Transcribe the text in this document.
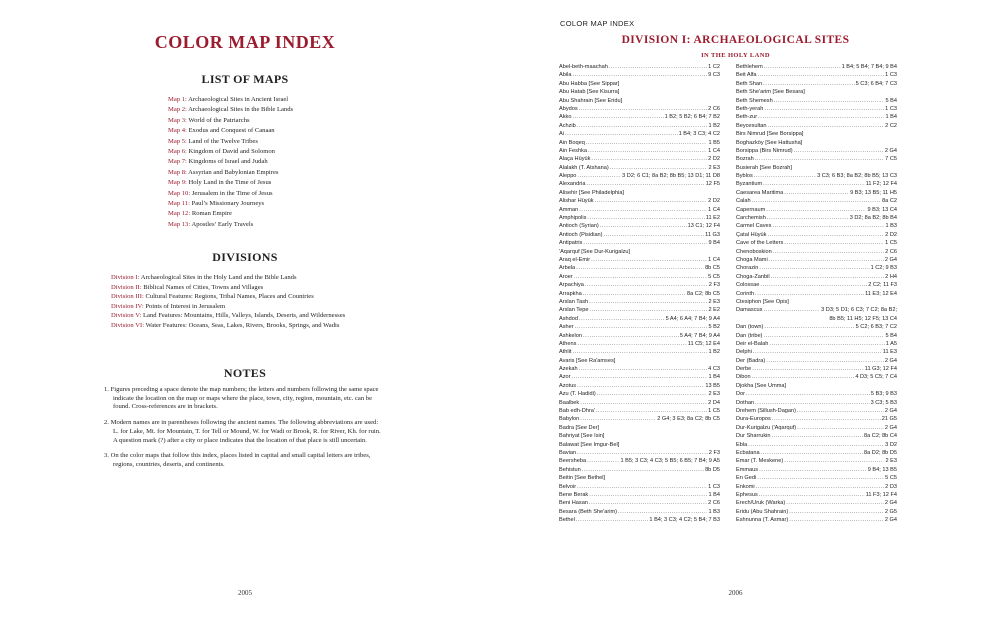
COLOR MAP INDEX
LIST OF MAPS
Map 1: Archaeological Sites in Ancient Israel
Map 2: Archaeological Sites in the Bible Lands
Map 3: World of the Patriarchs
Map 4: Exodus and Conquest of Canaan
Map 5: Land of the Twelve Tribes
Map 6: Kingdom of David and Solomon
Map 7: Kingdoms of Israel and Judah
Map 8: Assyrian and Babylonian Empires
Map 9: Holy Land in the Time of Jesus
Map 10: Jerusalem in the Time of Jesus
Map 11: Paul’s Missionary Journeys
Map 12: Roman Empire
Map 13: Apostles’ Early Travels
DIVISIONS
Division I: Archaeological Sites in the Holy Land and the Bible Lands
Division II: Biblical Names of Cities, Towns and Villages
Division III: Cultural Features: Regions, Tribal Names, Places and Countries
Division IV: Points of Interest in Jerusalem
Division V: Land Features: Mountains, Hills, Valleys, Islands, Deserts, and Wildernesses
Division VI: Water Features: Oceans, Seas, Lakes, Rivers, Brooks, Springs, and Wadis
NOTES
1. Figures preceding a space denote the map numbers; the letters and numbers following the same space indicate the location on the map or maps where the place, town, city, region, mountain, etc. can be found. Cross-references are in brackets.
2. Modern names are in parentheses following the ancient names. The following abbreviations are used: L. for Lake, Mt. for Mountain, T. for Tell or Mound, W. for Wadi or Brook, R. for River, Kh. for ruin. A question mark (?) after a city or place indicates that the location of that place is still uncertain.
3. On the color maps that follow this index, places listed in capital and small capital letters are tribes, regions, countries, deserts, and continents.
2005
COLOR MAP INDEX
DIVISION I: ARCHAEOLOGICAL SITES
IN THE HOLY LAND
Abel-beth-maachah .....	1 C2
Abila .....	9 C3
Abu Habba [See Sippar]
Abu Hatab [See Kisurra]
Abu Shahrain [See Eridu]
Abydos .....	2 C6
Akko .....	1 B2; 5 B2; 6 B4; 7 B2
Achzib .....	1 B2
Ai .....	1 B4; 3 C3; 4 C2
Ain Boqeq .....	1 B5
Ain Feshka .....	1 C4
Alaça Hüyük .....	2 D2
Alalakh (T. Atshana) .....	2 E3
Aleppo .....	3 D2; 6 C1; 8a B2; 8b B5; 13 D1; 11 D8
Alexandria .....	12 F5
Alisehir [See Philadelphia]
Alishar Hüyük .....	2 D2
Amman .....	1 C4
Amphipolis .....	11 E2
Antioch (Syrian) .....	13 C1; 12 F4
Antioch (Pisidian) .....	11 G3
Antipatris .....	9 B4
'Aqarquf [See Dur-Kurigalzu]
Araq el-Emir .....	1 C4
Arbela .....	8b C5
Aroer .....	5 C5
Arpachiya .....	2 F3
Arrapkha .....	8a C2; 8b C5
Arslan Tash .....	2 E3
Arslan Tepe .....	2 E2
Ashdod .....	5 A4; 6 A4; 7 B4; 9 A4
Asher .....	5 B2
Ashkelon .....	5 A4; 7 B4; 9 A4
Athens .....	11 C5; 12 E4
Athlit .....	1 B2
Avaris [See Ra'amses]
Azekah .....	4 C3
Azor .....	1 B4
Azotus .....	13 B5
Azu (T. Hadidi) .....	2 E3
Baalbek .....	2 D4
Bab edh-Dhra' .....	1 C5
Babylon .....	2 G4; 3 E3; 8a C2; 8b C5
Badra [See Der]
Bahriyat [See Isin]
Balawat [See Imgur-Bel]
Bavian .....	2 F3
Beersheba .....	1 B5; 3 C3; 4 C3; 5 B5; 6 B5; 7 B4; 9 A5
Behistun .....	8b D5
Beitin [See Bethel]
Belvoir .....	1 C3
Bene Berak .....	1 B4
Beni Hasan .....	2 C6
Besara (Beth She'arim) .....	1 B3
Bethel .....	1 B4; 3 C3; 4 C2; 5 B4; 7 B3
Bethlehem .....	1 B4; 5 B4; 7 B4; 9 B4
Beit Alfa .....	1 C3
Beth Shan .....	5 C3; 6 B4; 7 C3
Beth She'arim [See Besara]
Beth Shemesh .....	5 B4
Beth-yerah .....	1 C3
Beth-zur .....	1 B4
Beycesultan .....	2 C2
Birs Nimrud [See Borsippa]
Boghazköy [See Hattusha]
Borsippa (Birs Nimrud) .....	2 G4
Bozrah .....	7 C5
Busierah [See Bozrah]
Byblos .....	3 C3; 6 B3; 8a B2; 8b B5; 13 C3
Byzantium .....	11 F2; 12 F4
Caesarea Maritima .....	9 B3; 13 B5; 11 H5
Calah .....	8a C2
Capernaum .....	9 B3; 13 C4
Carchemish .....	3 D2; 8a B2; 8b B4
Carmel Caves .....	1 B3
Çatal Hüyük .....	2 D2
Cave of the Letters .....	1 C5
Chenoboskion .....	2 C6
Choga Mami .....	2 G4
Chorazin .....	1 C2; 9 B3
Choga-Zanbil .....	2 H4
Colossae .....	2 C2; 11 F3
Corinth .....	11 E3; 12 E4
Ctesiphon [See Opis]
Damascus .....	3 D3; 5 D1; 6 C3; 7 C2; 8a B2;
8b B5; 11 H5; 12 F5; 13 C4
Dan (town) .....	5 C2; 6 B3; 7 C2
Dan (tribe) .....	5 B4
Deir el-Balah .....	1 A5
Delphi .....	11 E3
Der (Badra) .....	2 G4
Derbe .....	11 G3; 12 F4
Dibon .....	4 D3; 5 C5; 7 C4
Djokha [See Umma]
Dor .....	5 B3; 9 B3
Dothan .....	3 C3; 5 B3
Drehem (Sillush-Dagan) .....	2 G4
Dura-Europos .....	21 G5
Dur-Kurigalzu ('Aqarquf) .....	2 G4
Dur Sharrukin .....	8a C2; 8b C4
Ebla .....	3 D2
Ecbatana .....	8a D2; 8b D5
Emar (T. Meskene) .....	2 E3
Emmaus .....	9 B4; 13 B5
En Gedi .....	5 C5
Enkomi .....	2 D3
Ephesus .....	11 F3; 12 F4
Erech/Uruk (Warka) .....	2 G4
Eridu (Abu Shahrain) .....	2 G5
Eshnunna (T. Asmar) .....	2 G4
2006
